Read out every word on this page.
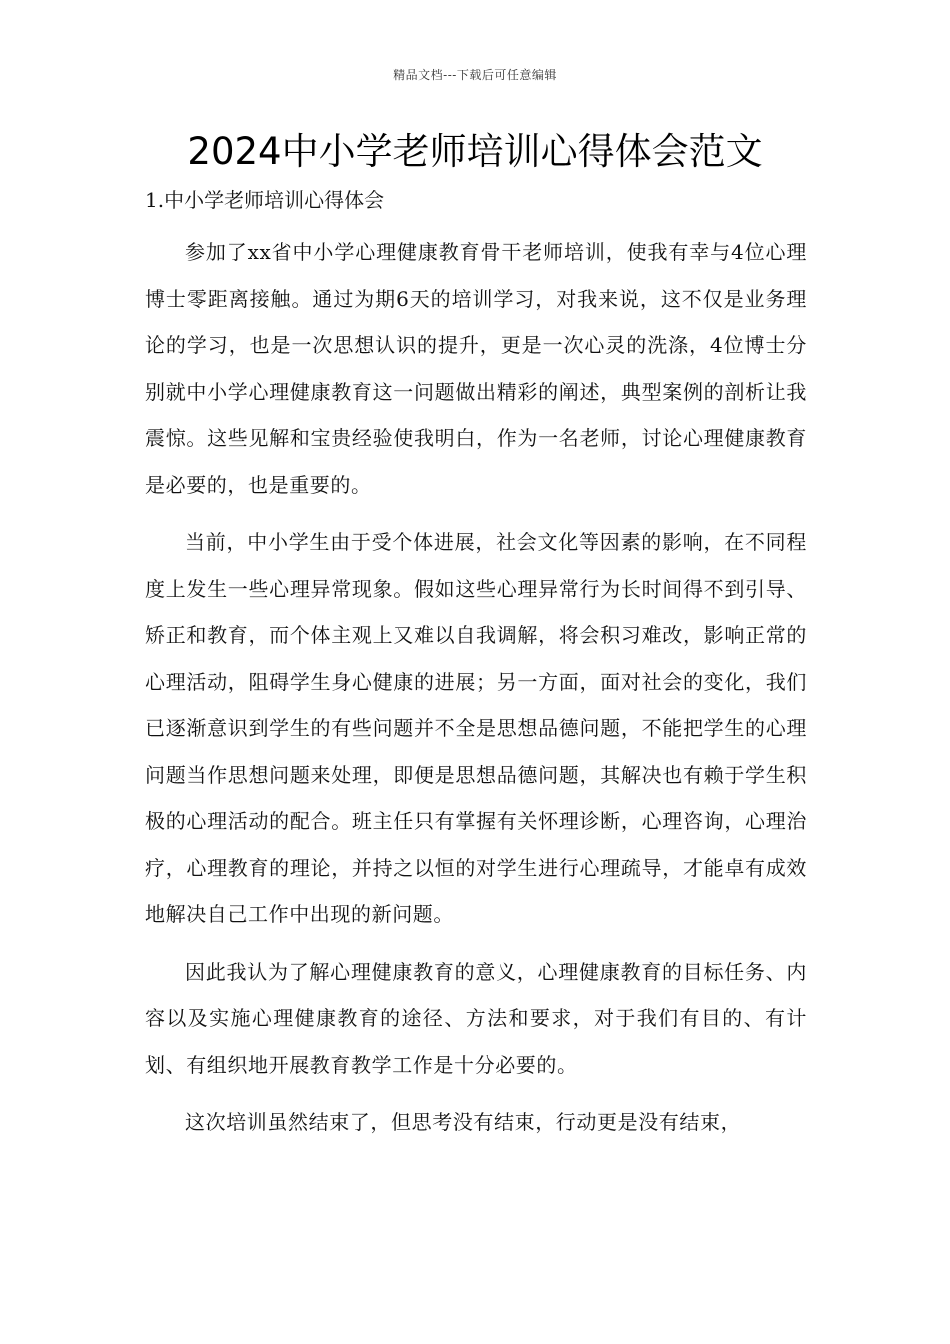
精品文档---下载后可任意编辑
2024中小学老师培训心得体会范文
1.中小学老师培训心得体会

参加了xx省中小学心理健康教育骨干老师培训，使我有幸与4位心理博士零距离接触。通过为期6天的培训学习，对我来说，这不仅是业务理论的学习，也是一次思想认识的提升，更是一次心灵的洗涤，4位博士分别就中小学心理健康教育这一问题做出精彩的阐述，典型案例的剖析让我震惊。这些见解和宝贵经验使我明白，作为一名老师，讨论心理健康教育是必要的，也是重要的。

当前，中小学生由于受个体进展，社会文化等因素的影响，在不同程度上发生一些心理异常现象。假如这些心理异常行为长时间得不到引导、矫正和教育，而个体主观上又难以自我调解，将会积习难改，影响正常的心理活动，阻碍学生身心健康的进展；另一方面，面对社会的变化，我们已逐渐意识到学生的有些问题并不全是思想品德问题，不能把学生的心理问题当作思想问题来处理，即便是思想品德问题，其解决也有赖于学生积极的心理活动的配合。班主任只有掌握有关怀理诊断，心理咨询，心理治疗，心理教育的理论，并持之以恒的对学生进行心理疏导，才能卓有成效地解决自己工作中出现的新问题。

因此我认为了解心理健康教育的意义，心理健康教育的目标任务、内容以及实施心理健康教育的途径、方法和要求，对于我们有目的、有计划、有组织地开展教育教学工作是十分必要的。

这次培训虽然结束了，但思考没有结束，行动更是没有结束，
